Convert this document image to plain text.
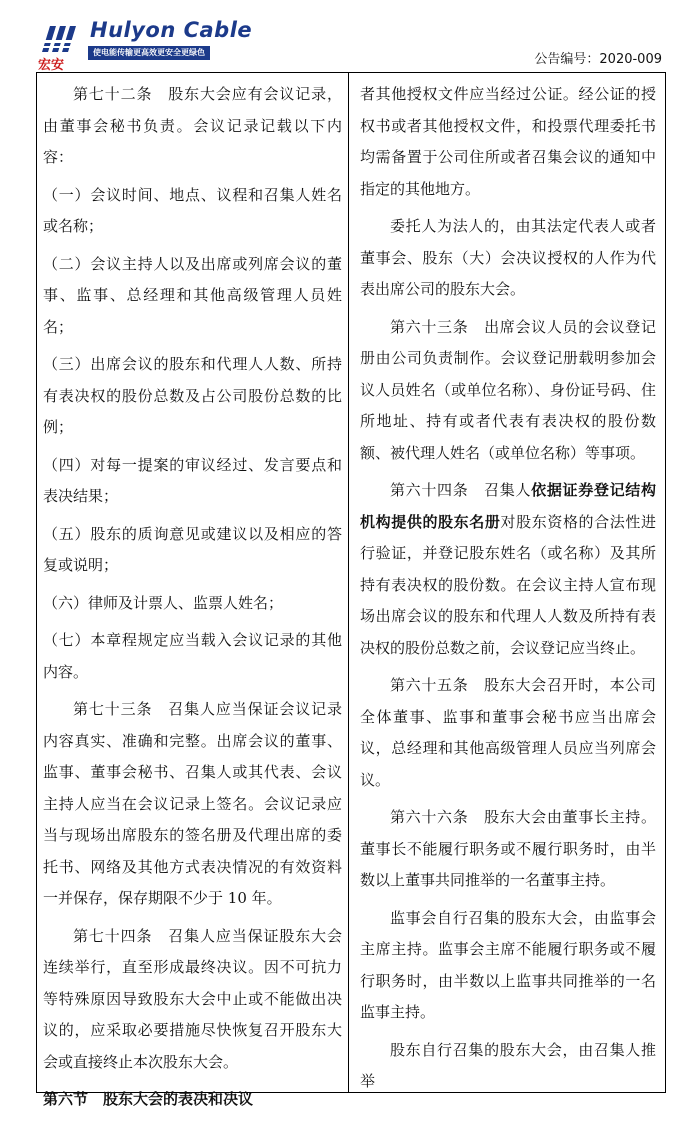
Hulyon Cable
使电能传输更高效更安全更绿色
宏安	公告编号：2020-009

第七十二条　股东大会应有会议记录，由董事会秘书负责。会议记录记载以下内容：

（一）会议时间、地点、议程和召集人姓名或名称；

（二）会议主持人以及出席或列席会议的董事、监事、总经理和其他高级管理人员姓名；

（三）出席会议的股东和代理人人数、所持有表决权的股份总数及占公司股份总数的比例；

（四）对每一提案的审议经过、发言要点和表决结果；

（五）股东的质询意见或建议以及相应的答复或说明；

（六）律师及计票人、监票人姓名；

（七）本章程规定应当载入会议记录的其他内容。

第七十三条　召集人应当保证会议记录内容真实、准确和完整。出席会议的董事、监事、董事会秘书、召集人或其代表、会议主持人应当在会议记录上签名。会议记录应当与现场出席股东的签名册及代理出席的委托书、网络及其他方式表决情况的有效资料一并保存，保存期限不少于 10 年。

第七十四条　召集人应当保证股东大会连续举行，直至形成最终决议。因不可抗力等特殊原因导致股东大会中止或不能做出决议的，应采取必要措施尽快恢复召开股东大会或直接终止本次股东大会。

第六节　股东大会的表决和决议

者其他授权文件应当经过公证。经公证的授权书或者其他授权文件，和投票代理委托书均需备置于公司住所或者召集会议的通知中指定的其他地方。

委托人为法人的，由其法定代表人或者董事会、股东（大）会决议授权的人作为代表出席公司的股东大会。

第六十三条　出席会议人员的会议登记册由公司负责制作。会议登记册载明参加会议人员姓名（或单位名称）、身份证号码、住所地址、持有或者代表有表决权的股份数额、被代理人姓名（或单位名称）等事项。

第六十四条　召集人依据证券登记结构机构提供的股东名册对股东资格的合法性进行验证，并登记股东姓名（或名称）及其所持有表决权的股份数。在会议主持人宣布现场出席会议的股东和代理人人数及所持有表决权的股份总数之前，会议登记应当终止。

第六十五条　股东大会召开时，本公司全体董事、监事和董事会秘书应当出席会议，总经理和其他高级管理人员应当列席会议。

第六十六条　股东大会由董事长主持。董事长不能履行职务或不履行职务时，由半数以上董事共同推举的一名董事主持。

监事会自行召集的股东大会，由监事会主席主持。监事会主席不能履行职务或不履行职务时，由半数以上监事共同推举的一名监事主持。

股东自行召集的股东大会，由召集人推举
